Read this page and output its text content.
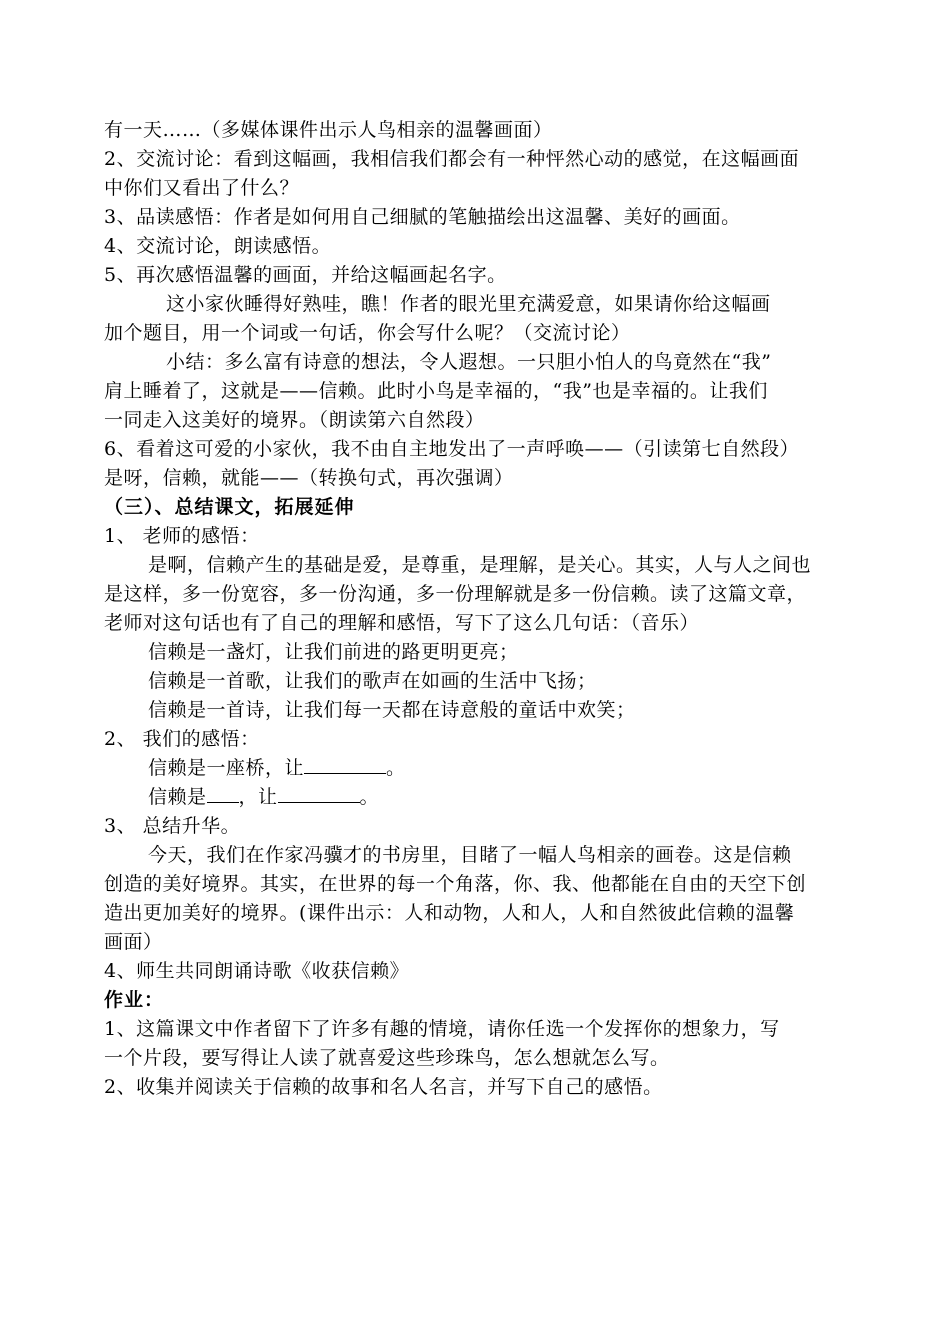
有一天……（多媒体课件出示人鸟相亲的温馨画面）
2、交流讨论：看到这幅画，我相信我们都会有一种怦然心动的感觉，在这幅画面
中你们又看出了什么？
3、品读感悟：作者是如何用自己细腻的笔触描绘出这温馨、美好的画面。
4、交流讨论，朗读感悟。
5、再次感悟温馨的画面，并给这幅画起名字。
这小家伙睡得好熟哇，瞧！作者的眼光里充满爱意，如果请你给这幅画
加个题目，用一个词或一句话，你会写什么呢？（交流讨论）
小结：多么富有诗意的想法，令人遐想。一只胆小怕人的鸟竟然在“我”
肩上睡着了，这就是——信赖。此时小鸟是幸福的，“我”也是幸福的。让我们
一同走入这美好的境界。（朗读第六自然段）
6、看着这可爱的小家伙，我不由自主地发出了一声呼唤——（引读第七自然段）
是呀，信赖，就能——（转换句式，再次强调）
（三）、总结课文，拓展延伸
1、 老师的感悟：
是啊，信赖产生的基础是爱，是尊重，是理解，是关心。其实，人与人之间也
是这样，多一份宽容，多一份沟通，多一份理解就是多一份信赖。读了这篇文章，
老师对这句话也有了自己的理解和感悟，写下了这么几句话：（音乐）
信赖是一盏灯，让我们前进的路更明更亮；
信赖是一首歌，让我们的歌声在如画的生活中飞扬；
信赖是一首诗，让我们每一天都在诗意般的童话中欢笑；
2、 我们的感悟：
信赖是一座桥，让	。
信赖是 ，让	。
3、 总结升华。
今天，我们在作家冯骥才的书房里，目睹了一幅人鸟相亲的画卷。这是信赖
创造的美好境界。其实，在世界的每一个角落，你、我、他都能在自由的天空下创
造出更加美好的境界。(课件出示：人和动物，人和人，人和自然彼此信赖的温馨
画面）
4、师生共同朗诵诗歌《收获信赖》
作业：
1、这篇课文中作者留下了许多有趣的情境，请你任选一个发挥你的想象力，写
一个片段，要写得让人读了就喜爱这些珍珠鸟，怎么想就怎么写。
2、收集并阅读关于信赖的故事和名人名言，并写下自己的感悟。
